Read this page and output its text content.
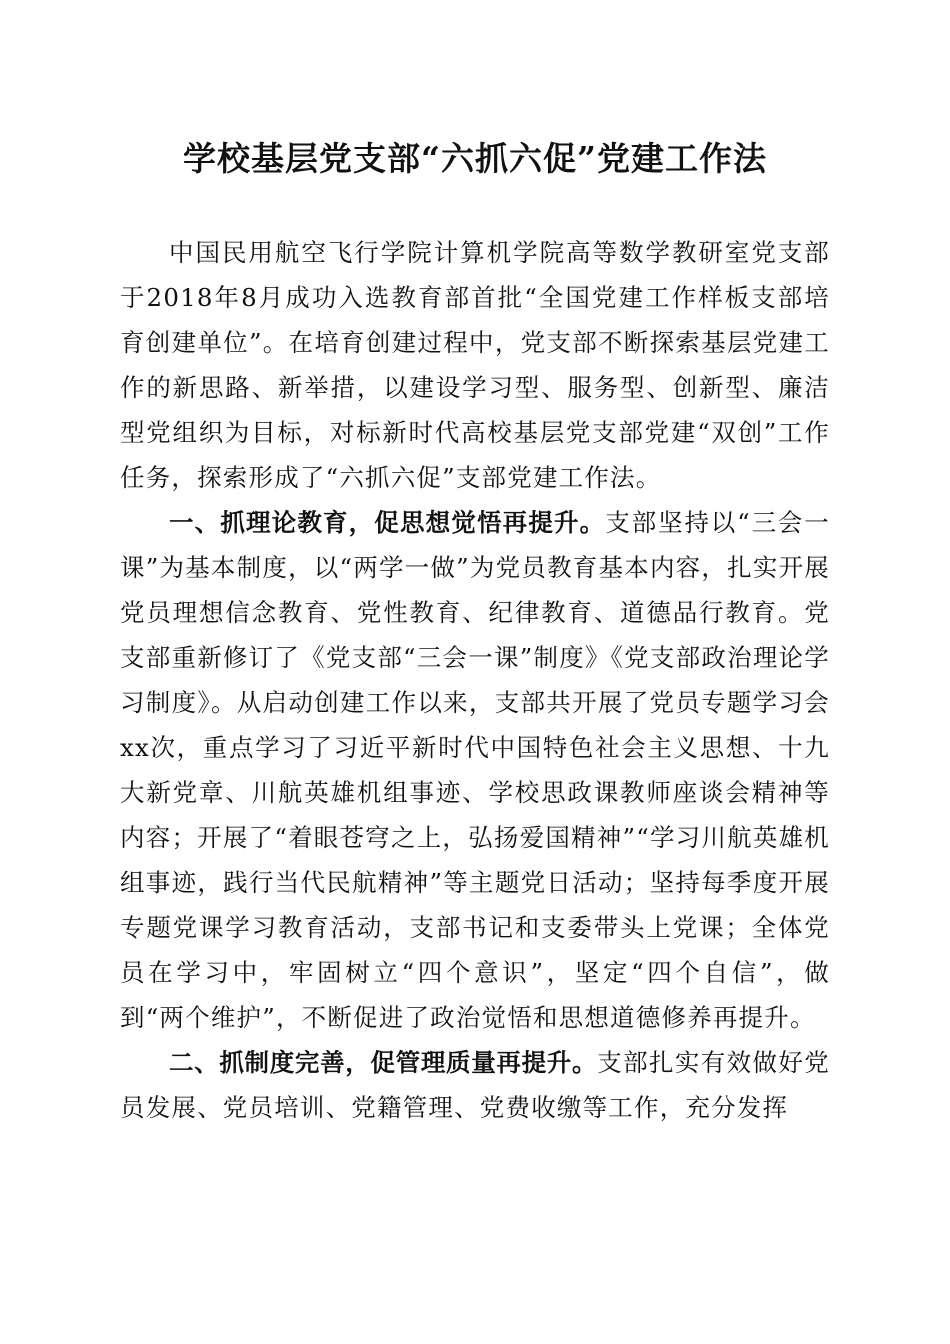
学校基层党支部“六抓六促”党建工作法

中国民用航空飞行学院计算机学院高等数学教研室党支部于2018年8月成功入选教育部首批“全国党建工作样板支部培育创建单位”。在培育创建过程中，党支部不断探索基层党建工作的新思路、新举措，以建设学习型、服务型、创新型、廉洁型党组织为目标，对标新时代高校基层党支部党建“双创”工作任务，探索形成了“六抓六促”支部党建工作法。

一、抓理论教育，促思想觉悟再提升。支部坚持以“三会一课”为基本制度，以“两学一做”为党员教育基本内容，扎实开展党员理想信念教育、党性教育、纪律教育、道德品行教育。党支部重新修订了《党支部“三会一课”制度》《党支部政治理论学习制度》。从启动创建工作以来，支部共开展了党员专题学习会xx次，重点学习了习近平新时代中国特色社会主义思想、十九大新党章、川航英雄机组事迹、学校思政课教师座谈会精神等内容；开展了“着眼苍穹之上，弘扬爱国精神”“学习川航英雄机组事迹，践行当代民航精神”等主题党日活动；坚持每季度开展专题党课学习教育活动，支部书记和支委带头上党课；全体党员在学习中，牢固树立“四个意识”，坚定“四个自信”，做到“两个维护”，不断促进了政治觉悟和思想道德修养再提升。

二、抓制度完善，促管理质量再提升。支部扎实有效做好党员发展、党员培训、党籍管理、党费收缴等工作，充分发挥
